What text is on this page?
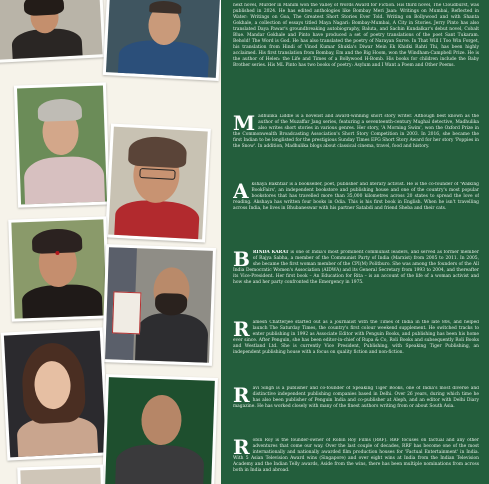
next novel, Murder in Mahim won the Valley of Words Award for Fiction. His third novel, The Cloudburst, was published in 2024. He has edited anthologies like Bombay Meri Jaan: Writings on Mumbai, Reflected in Water: Writings on Goa, The Greatest Short Stories Ever Told. Writing on Bollywood and with Shanta Gokhale, a collection of essays titled Maya Nagari: Bombay-Mumbai, A City in Stories. Jerry Pinto has also translated Daya Pawar's groundbreaking autobiography, Baluta, and Sachin Kundalkar's debut novel, Cobalt Blue. Mandar Gokhale and Pinto have produced a set of poetry translations of the poet Sant Tukaram. Behold! The Word is God. He has also translated the poetry of Narayan Surve. In That Will I Too Win Forget, his translation from Hindi of Vinod Kumar Shukla's Diwar Mein Ek Khidki Rahti Thi, has been highly acclaimed. His first translation from Bombay, Em and the Big Hoom, won the Windham-Campbell Prize. He is the author of Helen: the Life and Times of a Bollywood H-Bomb. His books for children include the Baby Brother series. His ML Pinto has two books of poetry: Asylum and I Want a Poem and Other Poems.
M adhulika Liddle is a novelist and award-winning short story writer. Although best known as the author of the Muzaffar Jang series, featuring a seventeenth-century Mughal detective, Madhulika also writes short stories in various genres. Her story, 'A Morning Swim', won the Oxford Prize in the Commonwealth Broadcasting Association's Short Story Competition in 2003. In 2016, she became the first Indian to be longlisted for the prestigious Sunday Times EFG Short Story Award for her story 'Poppies in the Snow'. In addition, Madhulika blogs about classical cinema, travel, food and history.
A kshaya Bakhtiar is a bookseller, poet, publisher and literary activist. He is the co-founder of 'Walking BookFairs', an independent bookstore and publishing house and one of the country's most popular bookstores that has travelled more than 35,000 kilometres across 20 states to spread the love of reading. Akshaya has written four books in Odia. This is his first book in English. When he isn't travelling across India, he lives in Bhubaneswar with his partner Satabdi and friend Sheba and their cats.
B RINDA KARAT is one of India's most prominent communist leaders, and served as former member of Rajya Sabha, a member of the Communist Party of India (Marxist) from 2005 to 2011. In 2005, she became the first woman member of the CPI(M) Politburo. She was among the founders of the All India Democratic Women's Association (AIDWA) and its General Secretary from 1993 to 2004, and thereafter its Vice-President. Her first book – An Education for Rita – is an account of the life of a woman activist and how she and her party confronted the Emergency in 1975.
R amesh Chatterjee started out as a journalist with the Times of India in the late 80s, and helped launch The Saturday Times, the country's first colour weekend supplement. He switched tracks to enter publishing in 1992 as Associate Editor with Penguin Books, and publishing has been his home ever since. After Penguin, she has been editor-in-chief of Rupa & Co, Roli Books and subsequently Roli Books and Westland Ltd. She is currently Vice President, Publishing, with Speaking Tiger Publishing, an independent publishing house with a focus on quality fiction and non-fiction.
R avi Singh is a publisher and co-founder of Speaking Tiger Books, one of India's most diverse and distinctive independent publishing companies based in Delhi. Over 26 years, during which time he has also been publisher of Penguin India and co-publisher at Aleph, and an editor with Delhi Diary magazine. He has worked closely with many of the finest authors writing from or about South Asia.
R obin Roy is the founder-owner of Robin Roy Films (RRF). RRF focuses on factual and any other adventures that come our way. Over the last couple of decades, RRF has become one of the most internationally and nationally awarded film production houses for 'Factual Entertainment' in India. With 5 Asian Television Award wins (Singapore) and over eight wins at India from the Indian Television Academy and the Indian Telly awards, Aside from the wins, there has been multiple nominations from across both in India and abroad.
